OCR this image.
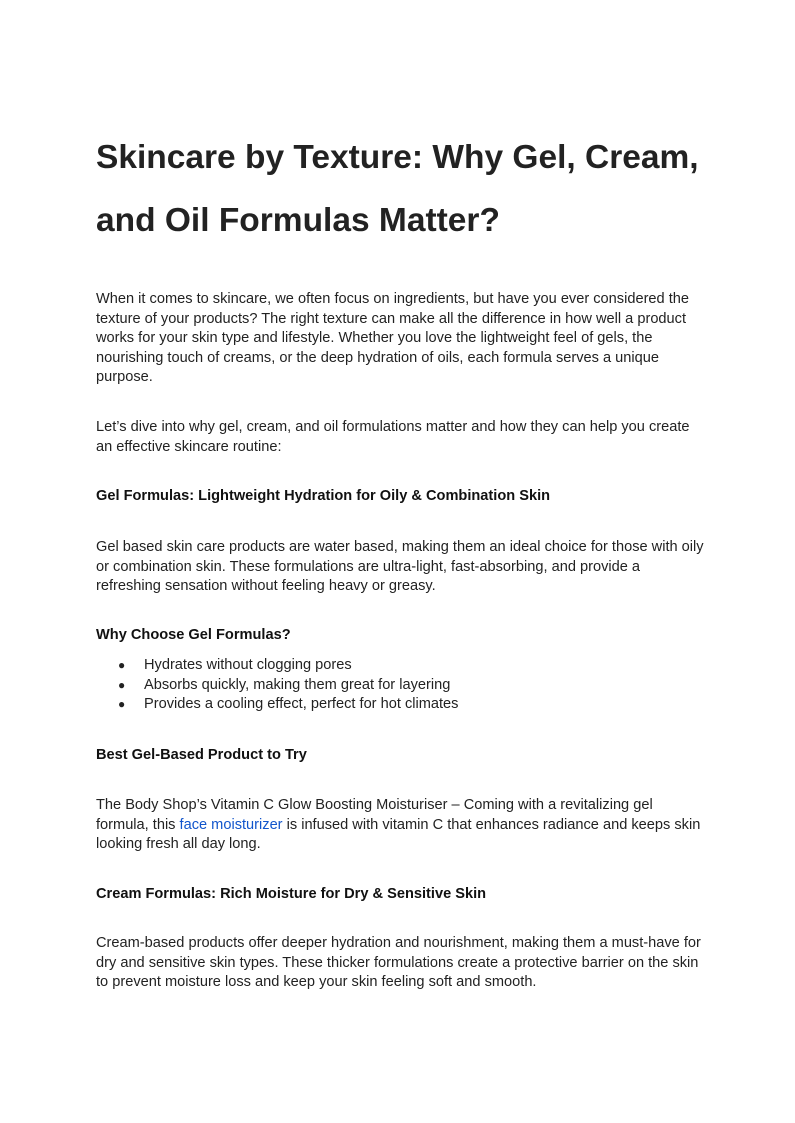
Skincare by Texture: Why Gel, Cream,
and Oil Formulas Matter?

When it comes to skincare, we often focus on ingredients, but have you ever considered the texture of your products? The right texture can make all the difference in how well a product works for your skin type and lifestyle. Whether you love the lightweight feel of gels, the nourishing touch of creams, or the deep hydration of oils, each formula serves a unique purpose.

Let’s dive into why gel, cream, and oil formulations matter and how they can help you create an effective skincare routine:

Gel Formulas: Lightweight Hydration for Oily & Combination Skin

Gel based skin care products are water based, making them an ideal choice for those with oily or combination skin. These formulations are ultra-light, fast-absorbing, and provide a refreshing sensation without feeling heavy or greasy.

Why Choose Gel Formulas?

● Hydrates without clogging pores
● Absorbs quickly, making them great for layering
● Provides a cooling effect, perfect for hot climates

Best Gel-Based Product to Try

The Body Shop’s Vitamin C Glow Boosting Moisturiser – Coming with a revitalizing gel formula, this face moisturizer is infused with vitamin C that enhances radiance and keeps skin looking fresh all day long.

Cream Formulas: Rich Moisture for Dry & Sensitive Skin

Cream-based products offer deeper hydration and nourishment, making them a must-have for dry and sensitive skin types. These thicker formulations create a protective barrier on the skin to prevent moisture loss and keep your skin feeling soft and smooth.
